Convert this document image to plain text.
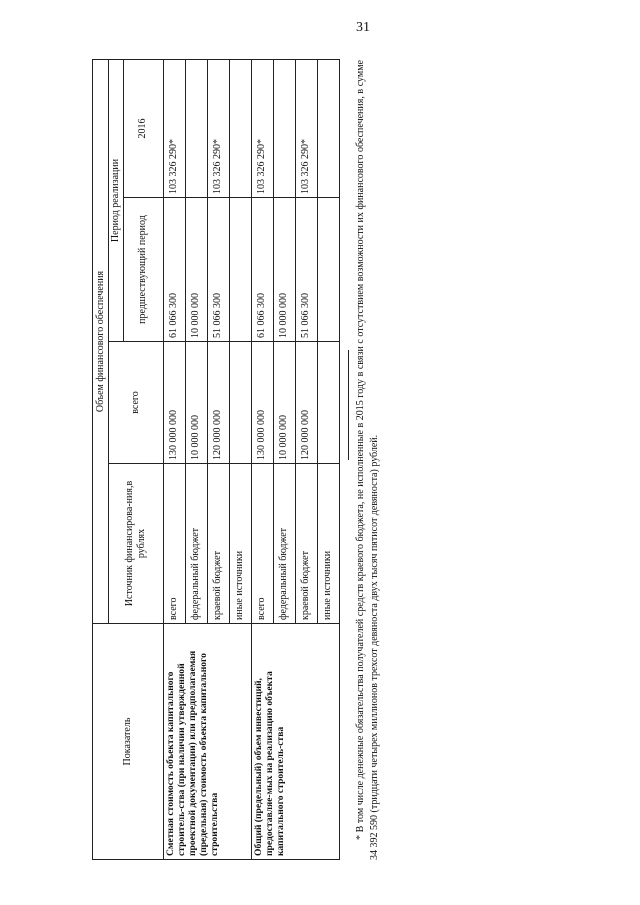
31
Показатель	Объем финансового обеспечения			
	Источник финансирова-ния,в рублях	всего	Период реализации	
			предшествующий период	2016
Сметная стоимость объекта капитального строитель-ства (при наличии утвержденной проектной документации) или предполагаемая (предельная) стоимость объекта капитального строительства	всего	130 000 000	61 066 300	103 326 290*
	федеральный бюджет	10 000 000	10 000 000	
	краевой бюджет	120 000 000	51 066 300	103 326 290*
	иные источники			
Общий (предельный) объем инвестиций, предоставляе-мых на реализацию объекта капитального строитель-ства	всего	130 000 000	61 066 300	103 326 290*
	федеральный бюджет	10 000 000	10 000 000	
	краевой бюджет	120 000 000	51 066 300	103 326 290*
	иные источники			* В том числе денежные обязательства получателей средств краевого бюджета, не исполненные в 2015 году в связи с отсутствием возможности их финансового обеспечения, в сумме 34 392 590 (тридцати четырех миллионов трехсот девяноста двух тысяч пятисот девяноста) рублей.
